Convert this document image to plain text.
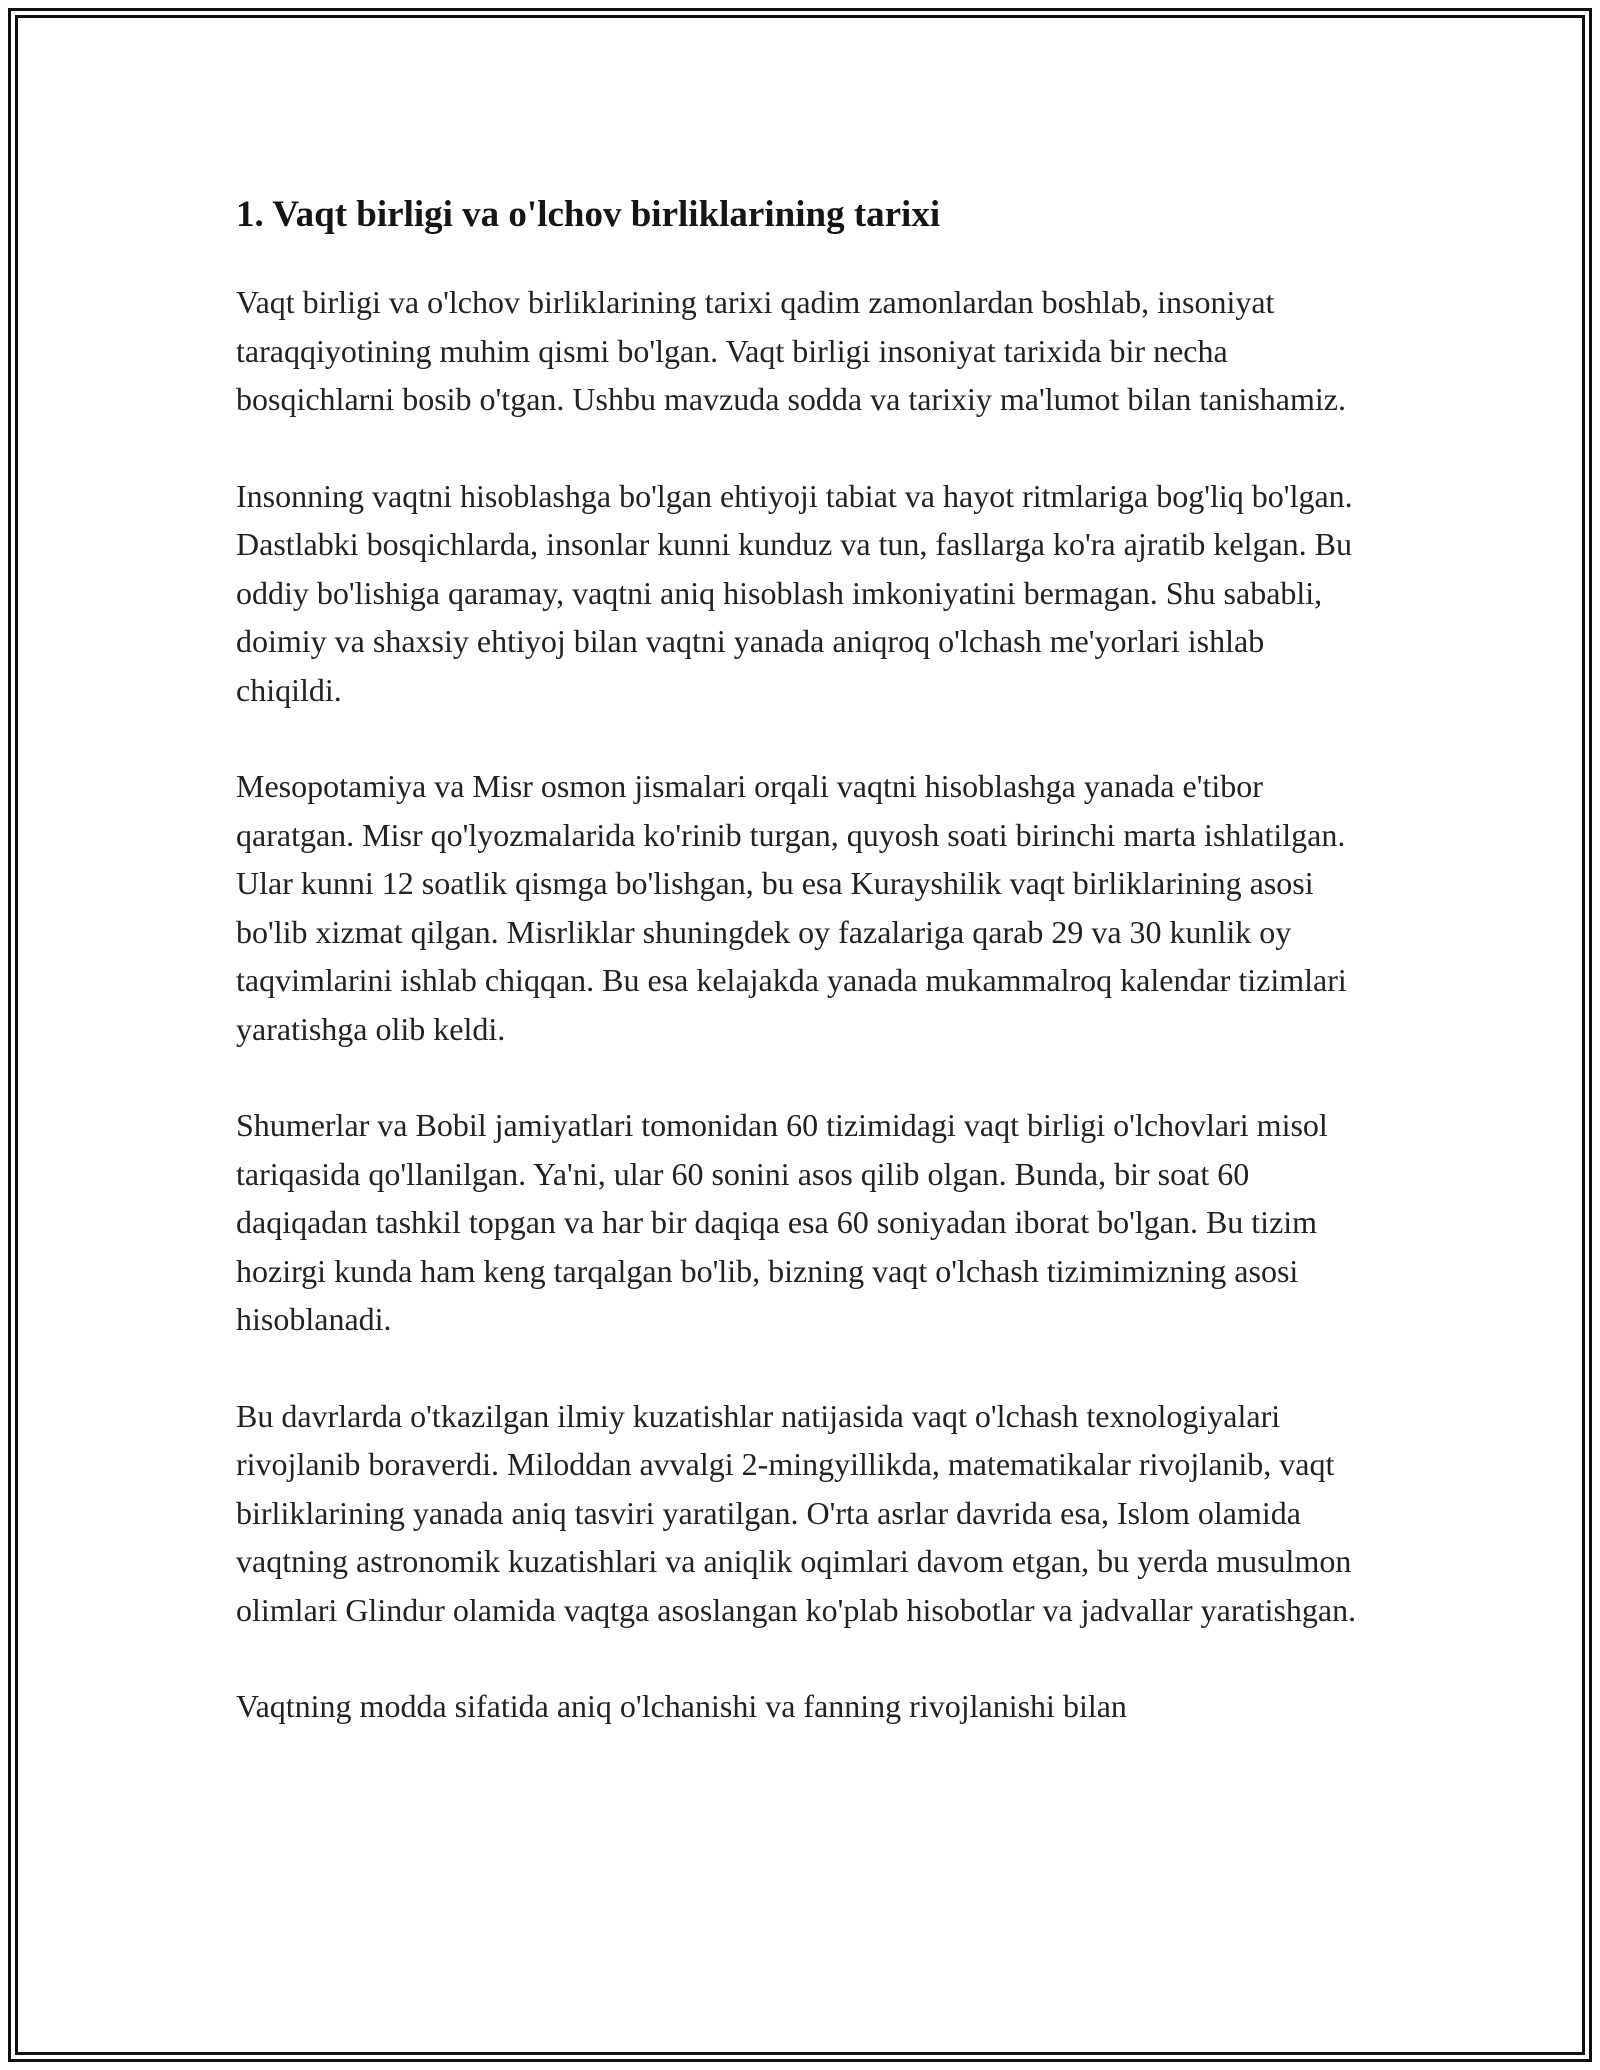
1. Vaqt birligi va o'lchov birliklarining tarixi

Vaqt birligi va o'lchov birliklarining tarixi qadim zamonlardan boshlab, insoniyat taraqqiyotining muhim qismi bo'lgan. Vaqt birligi insoniyat tarixida bir necha bosqichlarni bosib o'tgan. Ushbu mavzuda sodda va tarixiy ma'lumot bilan tanishamiz.

Insonning vaqtni hisoblashga bo'lgan ehtiyoji tabiat va hayot ritmlariga bog'liq bo'lgan. Dastlabki bosqichlarda, insonlar kunni kunduz va tun, fasllarga ko'ra ajratib kelgan. Bu oddiy bo'lishiga qaramay, vaqtni aniq hisoblash imkoniyatini bermagan. Shu sababli, doimiy va shaxsiy ehtiyoj bilan vaqtni yanada aniqroq o'lchash me'yorlari ishlab chiqildi.

Mesopotamiya va Misr osmon jismalari orqali vaqtni hisoblashga yanada e'tibor qaratgan. Misr qo'lyozmalarida ko'rinib turgan, quyosh soati birinchi marta ishlatilgan. Ular kunni 12 soatlik qismga bo'lishgan, bu esa Kurayshilik vaqt birliklarining asosi bo'lib xizmat qilgan. Misrliklar shuningdek oy fazalariga qarab 29 va 30 kunlik oy taqvimlarini ishlab chiqqan. Bu esa kelajakda yanada mukammalroq kalendar tizimlari yaratishga olib keldi.

Shumerlar va Bobil jamiyatlari tomonidan 60 tizimidagi vaqt birligi o'lchovlari misol tariqasida qo'llanilgan. Ya'ni, ular 60 sonini asos qilib olgan. Bunda, bir soat 60 daqiqadan tashkil topgan va har bir daqiqa esa 60 soniyadan iborat bo'lgan. Bu tizim hozirgi kunda ham keng tarqalgan bo'lib, bizning vaqt o'lchash tizimimizning asosi hisoblanadi.

Bu davrlarda o'tkazilgan ilmiy kuzatishlar natijasida vaqt o'lchash texnologiyalari rivojlanib boraverdi. Miloddan avvalgi 2-mingyillikda, matematikalar rivojlanib, vaqt birliklarining yanada aniq tasviri yaratilgan. O'rta asrlar davrida esa, Islom olamida vaqtning astronomik kuzatishlari va aniqlik oqimlari davom etgan, bu yerda musulmon olimlari Glindur olamida vaqtga asoslangan ko'plab hisobotlar va jadvallar yaratishgan.

Vaqtning modda sifatida aniq o'lchanishi va fanning rivojlanishi bilan
